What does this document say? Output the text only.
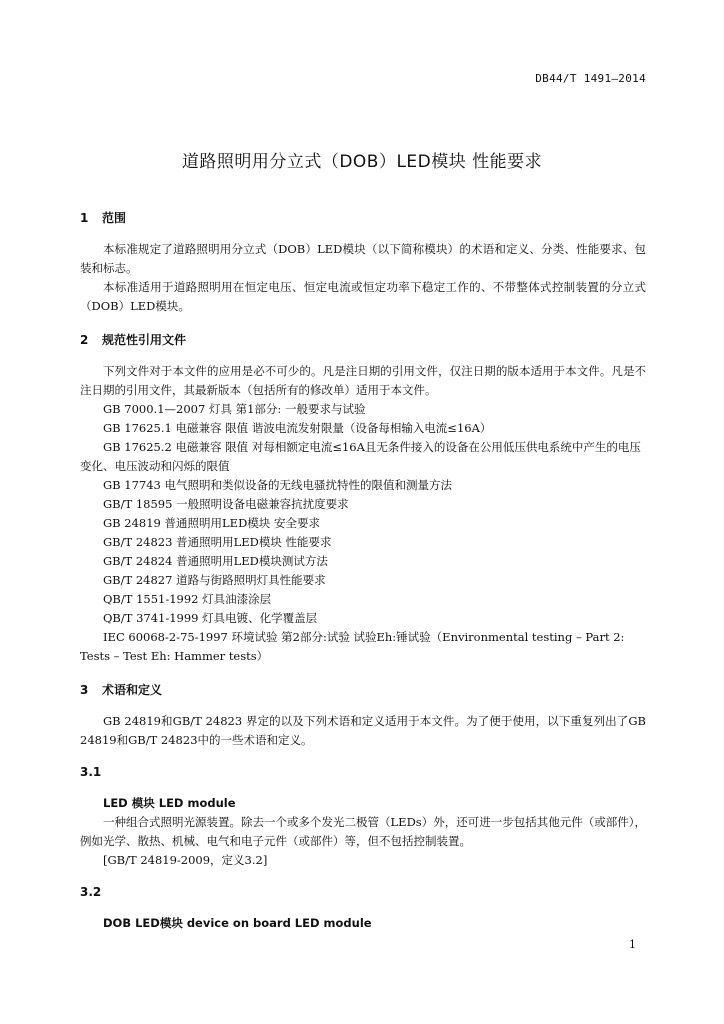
DB44/T 1491—2014
道路照明用分立式（DOB）LED模块 性能要求
1 范围

本标准规定了道路照明用分立式（DOB）LED模块（以下简称模块）的术语和定义、分类、性能要求、包装和标志。

本标准适用于道路照明用在恒定电压、恒定电流或恒定功率下稳定工作的、不带整体式控制装置的分立式（DOB）LED模块。

2 规范性引用文件

下列文件对于本文件的应用是必不可少的。凡是注日期的引用文件，仅注日期的版本适用于本文件。凡是不注日期的引用文件，其最新版本（包括所有的修改单）适用于本文件。

GB 7000.1—2007 灯具 第1部分: 一般要求与试验
GB 17625.1 电磁兼容 限值 谐波电流发射限量（设备每相输入电流≤16A）
GB 17625.2 电磁兼容 限值 对每相额定电流≤16A且无条件接入的设备在公用低压供电系统中产生的电压变化、电压波动和闪烁的限值
GB 17743 电气照明和类似设备的无线电骚扰特性的限值和测量方法
GB/T 18595 一般照明设备电磁兼容抗扰度要求
GB 24819 普通照明用LED模块 安全要求
GB/T 24823 普通照明用LED模块 性能要求
GB/T 24824 普通照明用LED模块测试方法
GB/T 24827 道路与街路照明灯具性能要求
QB/T 1551-1992 灯具油漆涂层
QB/T 3741-1999 灯具电镀、化学覆盖层
IEC 60068-2-75-1997 环境试验 第2部分:试验 试验Eh:锤试验（Environmental testing – Part 2: Tests – Test Eh: Hammer tests）
3 术语和定义

GB 24819和GB/T 24823 界定的以及下列术语和定义适用于本文件。为了便于使用，以下重复列出了GB 24819和GB/T 24823中的一些术语和定义。

3.1
LED 模块 LED module

一种组合式照明光源装置。除去一个或多个发光二极管（LEDs）外，还可进一步包括其他元件（或部件），例如光学、散热、机械、电气和电子元件（或部件）等，但不包括控制装置。

[GB/T 24819-2009，定义3.2]
3.2
DOB LED模块 device on board LED module
1
